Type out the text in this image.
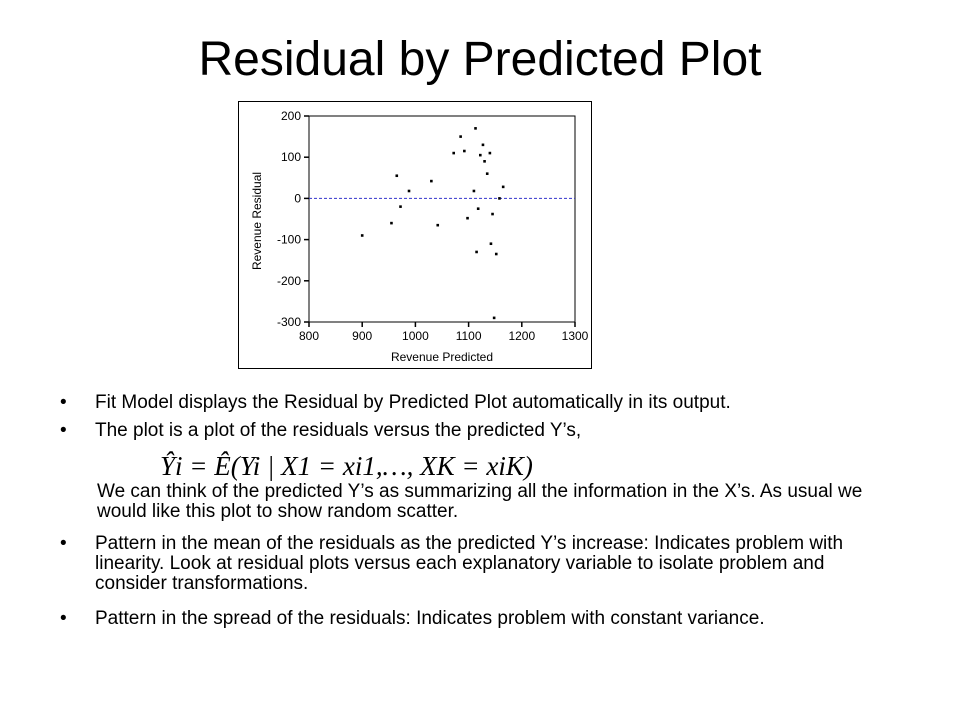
Residual by Predicted Plot
200
100
0
-100
-200
-300
800	900 1000 1100 1200 1300
Revenue Predicted
Revenue Residual
• Fit Model displays the Residual by Predicted Plot automatically in its output.
• The plot is a plot of the residuals versus the predicted Y’s,
We can think of the predicted Y’s as summarizing all the information in the X’s. As usual we would like this plot to show random scatter.
• Pattern in the mean of the residuals as the predicted Y’s increase: Indicates problem with linearity. Look at residual plots versus each explanatory variable to isolate problem and consider transformations.
• Pattern in the spread of the residuals: Indicates problem with constant variance.
Ŷi = Ê(Yi | X1 = xi1,…, XK = xiK)
